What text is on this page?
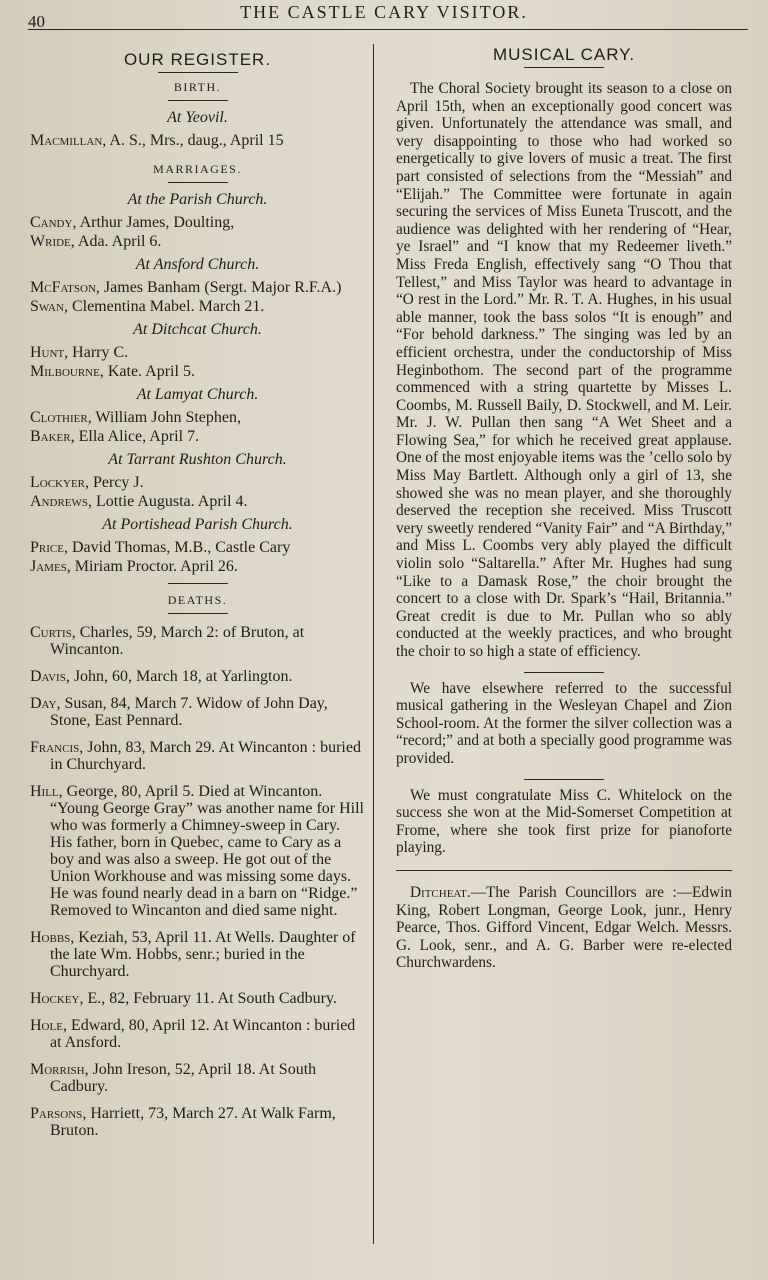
40	THE CASTLE CARY VISITOR.
OUR REGISTER.
BIRTH.
At Yeovil.
Macmillan, A. S., Mrs., daug., April 15
MARRIAGES.
At the Parish Church.
Candy, Arthur James, Doulting,
Wride, Ada. April 6.
At Ansford Church.
McFatson, James Banham (Sergt. Major R.F.A.)
Swan, Clementina Mabel. March 21.
At Ditchcat Church.
Hunt, Harry C.
Milbourne, Kate. April 5.
At Lamyat Church.
Clothier, William John Stephen,
Baker, Ella Alice, April 7.
At Tarrant Rushton Church.
Lockyer, Percy J.
Andrews, Lottie Augusta. April 4.
At Portishead Parish Church.
Price, David Thomas, M.B., Castle Cary
James, Miriam Proctor. April 26.
DEATHS.
Curtis, Charles, 59, March 2: of Bruton, at Wincanton.
Davis, John, 60, March 18, at Yarlington.
Day, Susan, 84, March 7. Widow of John Day, Stone, East Pennard.
Francis, John, 83, March 29. At Wincanton : buried in Churchyard.
Hill, George, 80, April 5. Died at Wincanton. “Young George Gray” was another name for Hill who was formerly a Chimney-sweep in Cary. His father, born in Quebec, came to Cary as a boy and was also a sweep. He got out of the Union Workhouse and was missing some days. He was found nearly dead in a barn on “Ridge.” Removed to Wincanton and died same night.
Hobbs, Keziah, 53, April 11. At Wells. Daughter of the late Wm. Hobbs, senr.; buried in the Churchyard.
Hockey, E., 82, February 11. At South Cadbury.
Hole, Edward, 80, April 12. At Wincanton : buried at Ansford.
Morrish, John Ireson, 52, April 18. At South Cadbury.
Parsons, Harriett, 73, March 27. At Walk Farm, Bruton.
MUSICAL CARY.

The Choral Society brought its season to a close on April 15th, when an exceptionally good concert was given. Unfortunately the attendance was small, and very disappointing to those who had worked so energetically to give lovers of music a treat. The first part consisted of selections from the “Messiah” and “Elijah.” The Committee were fortunate in again securing the services of Miss Euneta Truscott, and the audience was delighted with her rendering of “Hear, ye Israel” and “I know that my Redeemer liveth.” Miss Freda English, effectively sang “O Thou that Tellest,” and Miss Taylor was heard to advantage in “O rest in the Lord.” Mr. R. T. A. Hughes, in his usual able manner, took the bass solos “It is enough” and “For behold darkness.” The singing was led by an efficient orchestra, under the conductorship of Miss Heginbothom. The second part of the programme commenced with a string quartette by Misses L. Coombs, M. Russell Baily, D. Stockwell, and M. Leir. Mr. J. W. Pullan then sang “A Wet Sheet and a Flowing Sea,” for which he received great applause. One of the most enjoyable items was the ’cello solo by Miss May Bartlett. Although only a girl of 13, she showed she was no mean player, and she thoroughly deserved the reception she received. Miss Truscott very sweetly rendered “Vanity Fair” and “A Birthday,” and Miss L. Coombs very ably played the difficult violin solo “Saltarella.” After Mr. Hughes had sung “Like to a Damask Rose,” the choir brought the concert to a close with Dr. Spark’s “Hail, Britannia.” Great credit is due to Mr. Pullan who so ably conducted at the weekly practices, and who brought the choir to so high a state of efficiency.

We have elsewhere referred to the successful musical gathering in the Wesleyan Chapel and Zion School-room. At the former the silver collection was a “record;” and at both a specially good programme was provided.

We must congratulate Miss C. Whitelock on the success she won at the Mid-Somerset Competition at Frome, where she took first prize for pianoforte playing.

Ditcheat.—The Parish Councillors are :—Edwin King, Robert Longman, George Look, junr., Henry Pearce, Thos. Gifford Vincent, Edgar Welch. Messrs. G. Look, senr., and A. G. Barber were re-elected Churchwardens.
